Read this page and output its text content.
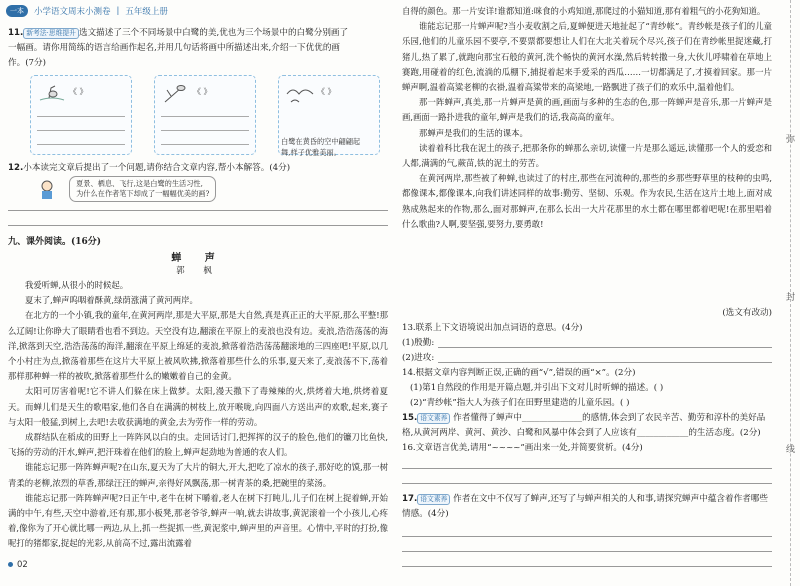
一本	小学语文周末小测卷 | 五年级上册

11. 新考法·思维提升 选文描述了三个不同场景中白鹭的美,优也为三个场景中的白鹭分别画了

一幅画。请你用简练的语言给画作起名,并用几句话将画中所描述出来,介绍一下优优的画

作。(7分)

《 》	《 》	《 》
白鹭在黄昏的空中翩翩起舞,样子优雅美丽。

12.小本读完文章后提出了一个问题,请你结合文章内容,帮小本解答。(4分)

夏景、栖息、飞行,这是白鹭的生活习性,
为什么在作者笔下却成了一幅幅优美的画?

九、课外阅读。(16分)

蝉 声

郭 枫

我爱听蝉,从很小的时候起。

夏末了,蝉声呜咽着酥黄,绿荫涨满了黄河两岸。

在北方的一个小镇,我的童年,在黄河两岸,那是大平原,那是大自然,真是真正正的大平原,那么平整!那么辽阔!让你睁大了眼睛看也看不到边。天空没有边,翻滚在平原上的麦浪也没有边。麦浪,浩浩荡荡的海洋,掀落到天空,浩浩荡荡的海洋,翻滚在平原上绵延的麦浪,掀落着浩浩荡荡翻滚地的三四座吧!平原,以几个小村庄为点,掀荡着那些在这片大平原上被风吹拂,掀落着那些什么的乐事,夏天来了,麦浪荡不下,荡着那样那种蝉一样的被吹,掀落着那些什么的嫩嫩着自己的金黄。

太阳可厉害着呢!它不讲人们躲在床上做梦。太阳,漫天撒下了毒辣辣的火,烘烤着大地,烘烤着夏天。而蝉儿们是天生的歌唱家,他们各自在满满的树枝上,放开喉咙,向四面八方送出声的欢歌,起来,赛子与太阳一般猛,到树上,去吧!去收获满地的黄金,去为劳作一样的劳动。

成群结队在稻成的田野上一阵阵风以白的虫。走回话讨门,把挥挥的汉子的脸色,他们的镰刀比鱼快,飞扬的劳动的汗水,蝉声,把汗珠着在他们的脸上,蝉声起劲地为普通的农人们。

谁能忘记那一阵阵蝉声呢?在山东,夏天为了大片的铜大,开大,把吃了凉水的孩子,那好吃的馍,那一树青柔的老柳,浓烈的草香,那绿汪汪的蝉声,亲得好风飘荡,那一树青茶的桑,把碗里的菜汤。

谁能忘记那一阵阵蝉声呢?日正午中,老牛在树下嚼着,老人在树下打盹儿,儿子们在树上捉着蝉,开始满的中午,有些,天空中游着,还有那,那小板凳,那老爷爷,蝉声一响,就去讲故事,黄泥滚着一个小孩儿,心疼着,像你为了开心就比哪一两边,从上,抓一些捉抓一些,黄泥浆中,蝉声里的声音里。心情中,平时的打扮,像呢打的猪都家,捉起的光彩,从前高不过,露出流露着

02

自得的颜色。那一片安详!谁都知道:咪食的小鸡知道,那爬过的小猫知道,那有着粗气的小花狗知道。

谁能忘记那一片蝉声呢?当小麦收割之后,夏蝉便进天地扯起了“青纱帐”。青纱帐是孩子们的儿童乐园,他们的儿童乐园不要亭,不要票都要想让人们在大北关着玩个尽兴,孩子们在青纱帐里捉迷藏,打猪儿,热了累了,就跑向那宝石般的黄河,洗个畅快的黄河水澡,然后转转撒一身,大伙儿呼啸着在草地上赛跑,用碰着的红色,流淌的瓜棚下,捕捉着起来手爱采的西瓜……一切都满足了,才摸着回家。那一片蝉声啊,温着高粱老柳的衣褂,温着高粱带来的高梁地,一路飘进了孩子们的欢乐中,温着他们。

那一阵蝉声,真美,那一片蝉声是黄的画,画面与多种的生态的色,那一阵蝉声是音乐,那一片蝉声是画,画面一路扑进我的童年,蝉声是我们的话,我高高的童年。

那蝉声是我们的生活的课本。

读着着科比我在泥土的孩子,把那条你的蝉那么亲切,读懂一片是那么遥远,读懂那一个人的爱恋和人都,满满的气,蕨苗,铁的泥土的劳苦。

在黄河两岸,那些被了种蝉,也读过了的村庄,那些在河流种的,那些的乡那些野草里的枝种的虫鸣,都像课本,都像课本,向我们讲述同样的故事:勤劳、坚韧、乐观。作为农民,生活在这片土地上,面对成熟成熟起来的作物,那么,面对那蝉声,在那么长出一大片花那里的水土都在哪里都着吧呢!在那里唱着什么歌曲?人啊,要坚强,要努力,要勇敢!

(选文有改动)

13.联系上下文语境说出加点词语的意思。(4分)

(1)殷勤:
(2)进攻:

14.根据文章内容判断正误,正确的画“√”,错误的画“×”。(2分)

(1)第1自然段的作用是开篇点题,并引出下文对儿时听蝉的描述。( )

(2)“青纱帐”指大人为孩子们在田野里建造的儿童乐园。( )

15. 语文素养 作者懂得了蝉声中______________的感情,体会到了农民辛苦、勤劳和淳朴的美好品格,从黄河两岸、黄河、黄沙、白鹭和风暴中体会到了人应该有____________的生活态度。(2分)

16.文章语言优美,请用“~~~~”画出来一处,并简要赏析。(4分)

17. 语文素养 作者在文中不仅写了蝉声,还写了与蝉声相关的人和事,请探究蝉声中蕴含着作者哪些情感。(4分)

弥
封
线
